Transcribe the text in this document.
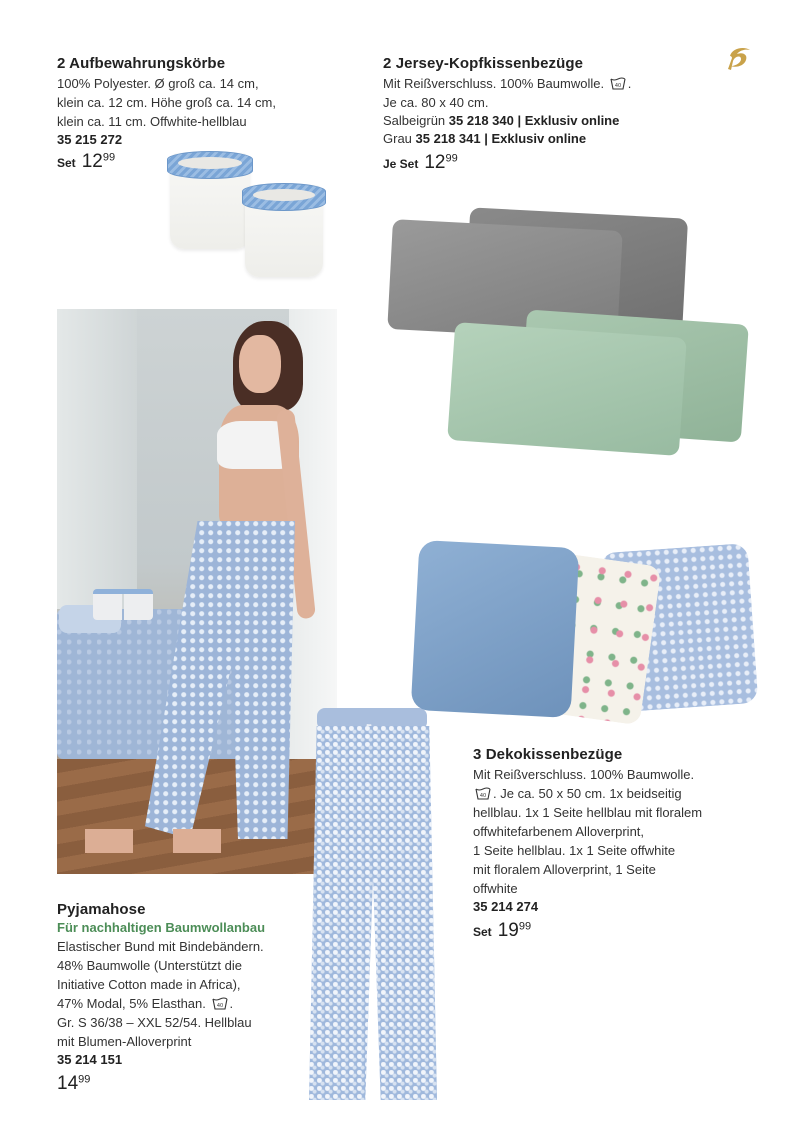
2 Aufbewahrungskörbe
100% Polyester. Ø groß ca. 14 cm,
klein ca. 12 cm. Höhe groß ca. 14 cm,
klein ca. 11 cm. Offwhite-hellblau
35 215 272
Set $12^{99}$
2 Jersey-Kopfkissenbezüge
Mit Reißverschluss. 100% Baumwolle. 40 .
Je ca. 80 x 40 cm.
Salbeigrün 35 218 340 | Exklusiv online
Grau 35 218 341 | Exklusiv online
Je Set $12^{99}$
3 Dekokissenbezüge
Mit Reißverschluss. 100% Baumwolle.
40 . Je ca. 50 x 50 cm. 1x beidseitig
hellblau. 1x 1 Seite hellblau mit floralem
offwhitefarbenem Alloverprint,
1 Seite hellblau. 1x 1 Seite offwhite
mit floralem Alloverprint, 1 Seite
offwhite
35 214 274
Set $19^{99}$
Pyjamahose
Für nachhaltigen Baumwollanbau
Elastischer Bund mit Bindebändern.
48% Baumwolle (Unterstützt die
Initiative Cotton made in Africa),
47% Modal, 5% Elasthan. 40 .
Gr. S 36/38 – XXL 52/54. Hellblau
mit Blumen-Alloverprint
35 214 151
$14^{99}$
